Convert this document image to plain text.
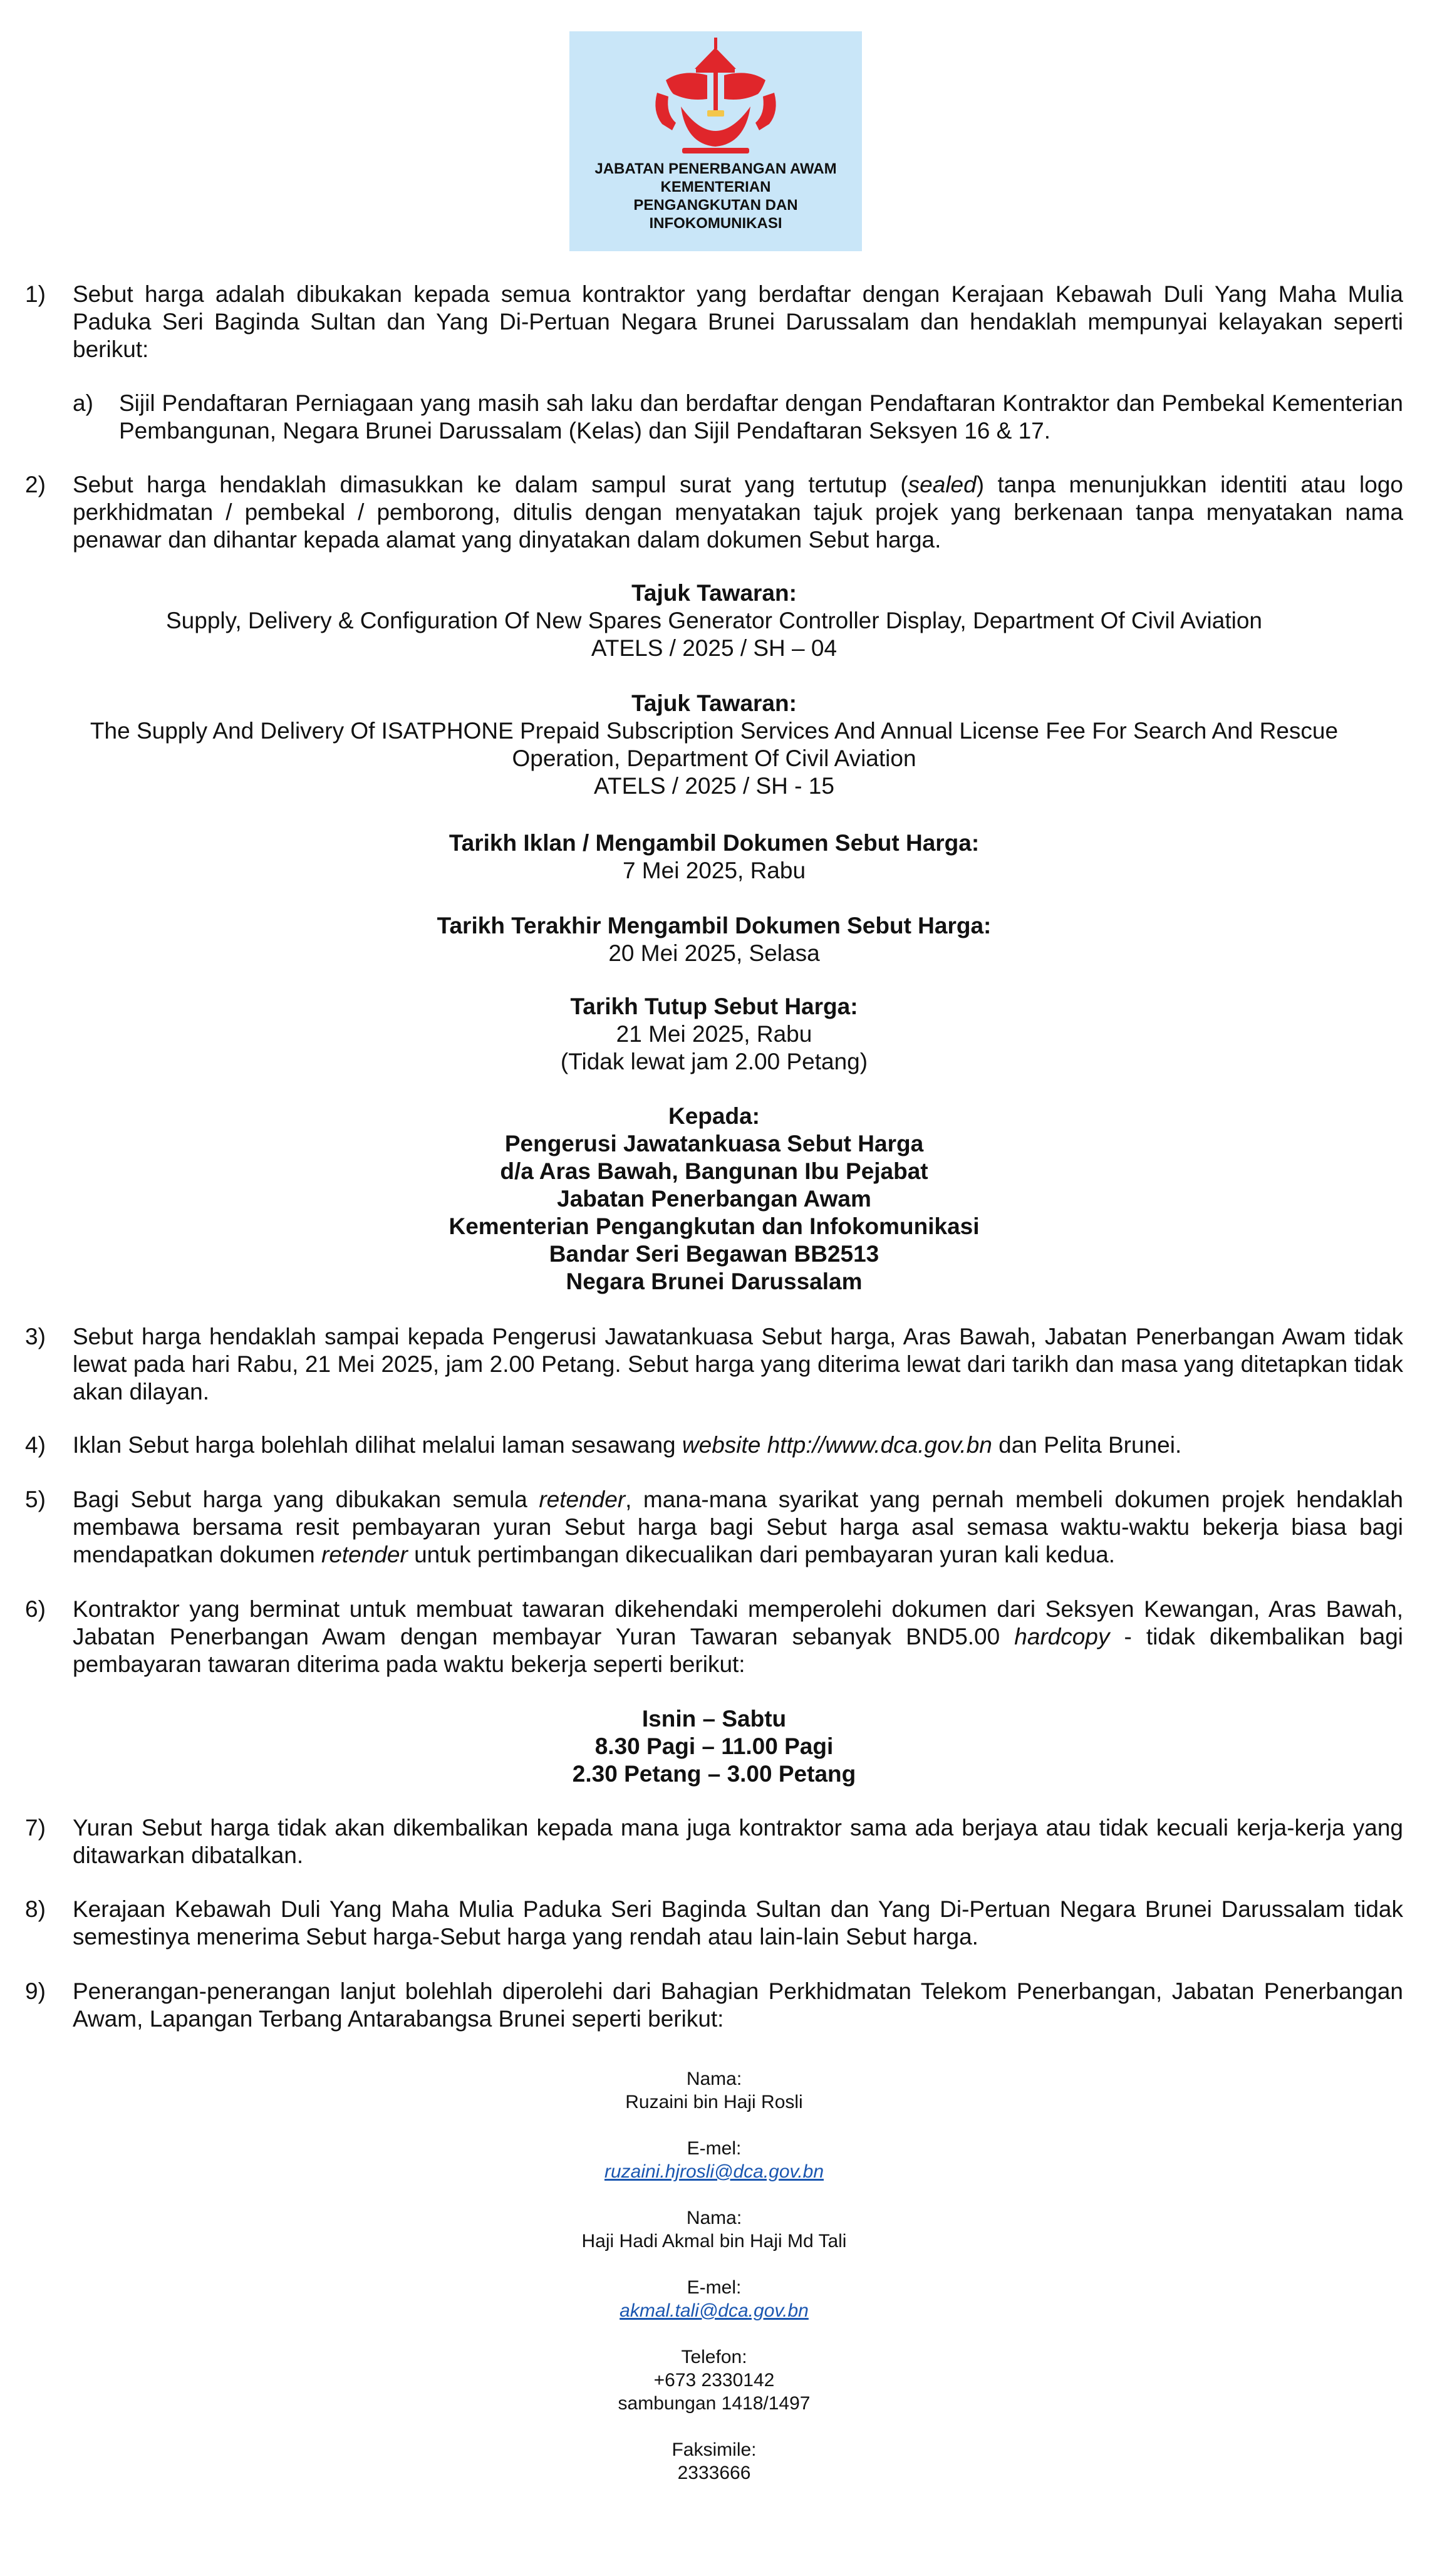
JABATAN PENERBANGAN AWAM
KEMENTERIAN
PENGANGKUTAN DAN
INFOKOMUNIKASI
1) Sebut harga adalah dibukakan kepada semua kontraktor yang berdaftar dengan Kerajaan Kebawah Duli Yang Maha Mulia Paduka Seri Baginda Sultan dan Yang Di-Pertuan Negara Brunei Darussalam dan hendaklah mempunyai kelayakan seperti berikut:
a) Sijil Pendaftaran Perniagaan yang masih sah laku dan berdaftar dengan Pendaftaran Kontraktor dan Pembekal Kementerian Pembangunan, Negara Brunei Darussalam (Kelas) dan Sijil Pendaftaran Seksyen 16 & 17.
2) Sebut harga hendaklah dimasukkan ke dalam sampul surat yang tertutup (sealed) tanpa menunjukkan identiti atau logo perkhidmatan / pembekal / pemborong, ditulis dengan menyatakan tajuk projek yang berkenaan tanpa menyatakan nama penawar dan dihantar kepada alamat yang dinyatakan dalam dokumen Sebut harga.
Tajuk Tawaran:
Supply, Delivery & Configuration Of New Spares Generator Controller Display, Department Of Civil Aviation
ATELS / 2025 / SH – 04
Tajuk Tawaran:
The Supply And Delivery Of ISATPHONE Prepaid Subscription Services And Annual License Fee For Search And Rescue
Operation, Department Of Civil Aviation
ATELS / 2025 / SH - 15
Tarikh Iklan / Mengambil Dokumen Sebut Harga:
7 Mei 2025, Rabu
Tarikh Terakhir Mengambil Dokumen Sebut Harga:
20 Mei 2025, Selasa
Tarikh Tutup Sebut Harga:
21 Mei 2025, Rabu
(Tidak lewat jam 2.00 Petang)
Kepada:
Pengerusi Jawatankuasa Sebut Harga
d/a Aras Bawah, Bangunan Ibu Pejabat
Jabatan Penerbangan Awam
Kementerian Pengangkutan dan Infokomunikasi
Bandar Seri Begawan BB2513
Negara Brunei Darussalam
3) Sebut harga hendaklah sampai kepada Pengerusi Jawatankuasa Sebut harga, Aras Bawah, Jabatan Penerbangan Awam tidak lewat pada hari Rabu, 21 Mei 2025, jam 2.00 Petang. Sebut harga yang diterima lewat dari tarikh dan masa yang ditetapkan tidak akan dilayan.
4) Iklan Sebut harga bolehlah dilihat melalui laman sesawang website http://www.dca.gov.bn dan Pelita Brunei.
5) Bagi Sebut harga yang dibukakan semula retender, mana-mana syarikat yang pernah membeli dokumen projek hendaklah membawa bersama resit pembayaran yuran Sebut harga bagi Sebut harga asal semasa waktu-waktu bekerja biasa bagi mendapatkan dokumen retender untuk pertimbangan dikecualikan dari pembayaran yuran kali kedua.
6) Kontraktor yang berminat untuk membuat tawaran dikehendaki memperolehi dokumen dari Seksyen Kewangan, Aras Bawah, Jabatan Penerbangan Awam dengan membayar Yuran Tawaran sebanyak BND5.00 hardcopy - tidak dikembalikan bagi pembayaran tawaran diterima pada waktu bekerja seperti berikut:
Isnin – Sabtu
8.30 Pagi – 11.00 Pagi
2.30 Petang – 3.00 Petang
7) Yuran Sebut harga tidak akan dikembalikan kepada mana juga kontraktor sama ada berjaya atau tidak kecuali kerja-kerja yang ditawarkan dibatalkan.
8) Kerajaan Kebawah Duli Yang Maha Mulia Paduka Seri Baginda Sultan dan Yang Di-Pertuan Negara Brunei Darussalam tidak semestinya menerima Sebut harga-Sebut harga yang rendah atau lain-lain Sebut harga.
9) Penerangan-penerangan lanjut bolehlah diperolehi dari Bahagian Perkhidmatan Telekom Penerbangan, Jabatan Penerbangan Awam, Lapangan Terbang Antarabangsa Brunei seperti berikut:
Nama:
Ruzaini bin Haji Rosli
E-mel:
ruzaini.hjrosli@dca.gov.bn
Nama:
Haji Hadi Akmal bin Haji Md Tali
E-mel:
akmal.tali@dca.gov.bn
Telefon:
+673 2330142
sambungan 1418/1497
Faksimile:
2333666
